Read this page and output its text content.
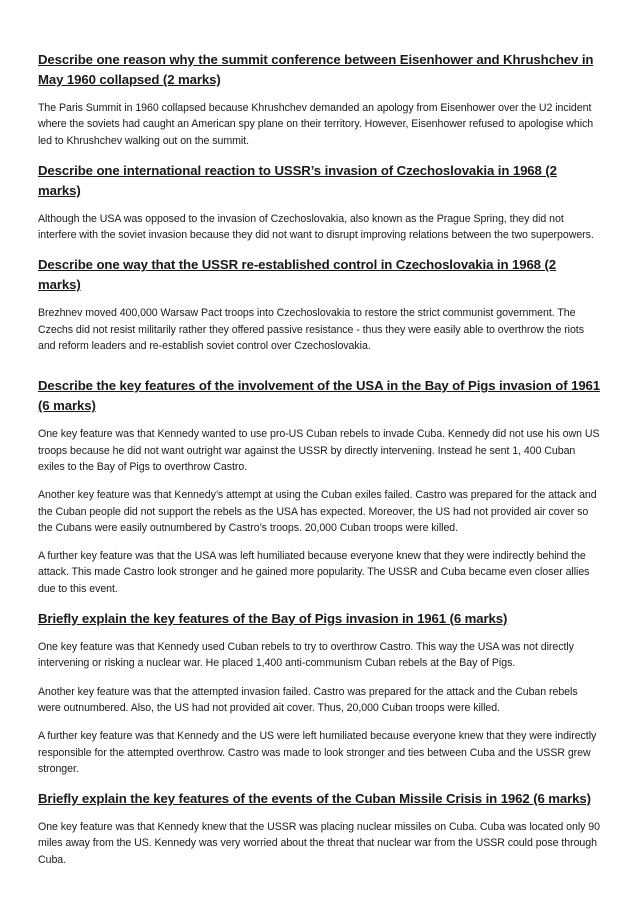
Describe one reason why the summit conference between Eisenhower and Khrushchev in May 1960 collapsed (2 marks)

The Paris Summit in 1960 collapsed because Khrushchev demanded an apology from Eisenhower over the U2 incident where the soviets had caught an American spy plane on their territory. However, Eisenhower refused to apologise which led to Khrushchev walking out on the summit.

Describe one international reaction to USSR’s invasion of Czechoslovakia in 1968 (2 marks)

Although the USA was opposed to the invasion of Czechoslovakia, also known as the Prague Spring, they did not interfere with the soviet invasion because they did not want to disrupt improving relations between the two superpowers.

Describe one way that the USSR re-established control in Czechoslovakia in 1968 (2 marks)

Brezhnev moved 400,000 Warsaw Pact troops into Czechoslovakia to restore the strict communist government. The Czechs did not resist militarily rather they offered passive resistance - thus they were easily able to overthrow the riots and reform leaders and re-establish soviet control over Czechoslovakia.

Describe the key features of the involvement of the USA in the Bay of Pigs invasion of 1961 (6 marks)

One key feature was that Kennedy wanted to use pro-US Cuban rebels to invade Cuba. Kennedy did not use his own US troops because he did not want outright war against the USSR by directly intervening. Instead he sent 1, 400 Cuban exiles to the Bay of Pigs to overthrow Castro.

Another key feature was that Kennedy’s attempt at using the Cuban exiles failed. Castro was prepared for the attack and the Cuban people did not support the rebels as the USA has expected. Moreover, the US had not provided air cover so the Cubans were easily outnumbered by Castro’s troops. 20,000 Cuban troops were killed.

A further key feature was that the USA was left humiliated because everyone knew that they were indirectly behind the attack. This made Castro look stronger and he gained more popularity. The USSR and Cuba became even closer allies due to this event.

Briefly explain the key features of the Bay of Pigs invasion in 1961 (6 marks)

One key feature was that Kennedy used Cuban rebels to try to overthrow Castro. This way the USA was not directly intervening or risking a nuclear war. He placed 1,400 anti-communism Cuban rebels at the Bay of Pigs.

Another key feature was that the attempted invasion failed. Castro was prepared for the attack and the Cuban rebels were outnumbered. Also, the US had not provided ait cover. Thus, 20,000 Cuban troops were killed.

A further key feature was that Kennedy and the US were left humiliated because everyone knew that they were indirectly responsible for the attempted overthrow. Castro was made to look stronger and ties between Cuba and the USSR grew stronger.

Briefly explain the key features of the events of the Cuban Missile Crisis in 1962 (6 marks)

One key feature was that Kennedy knew that the USSR was placing nuclear missiles on Cuba. Cuba was located only 90 miles away from the US. Kennedy was very worried about the threat that nuclear war from the USSR could pose through Cuba.
